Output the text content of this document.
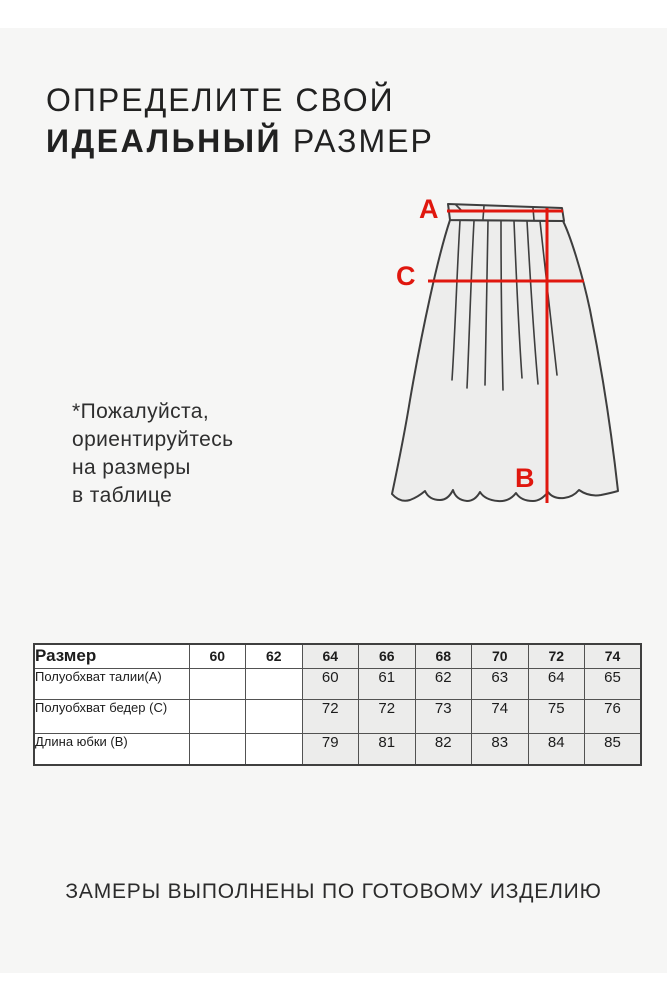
ОПРЕДЕЛИТЕ СВОЙ
ИДЕАЛЬНЫЙ РАЗМЕР
A
C
B
*Пожалуйста,
ориентируйтесь
на размеры
в таблице
Размер	60	62	64	66	68	70	72	74
Полуобхват талии(А)			60	61	62	63	64	65
Полуобхват бедер (С)			72	72	73	74	75	76
Длина юбки (В)			79	81	82	83	84	85
ЗАМЕРЫ ВЫПОЛНЕНЫ ПО ГОТОВОМУ ИЗДЕЛИЮ
